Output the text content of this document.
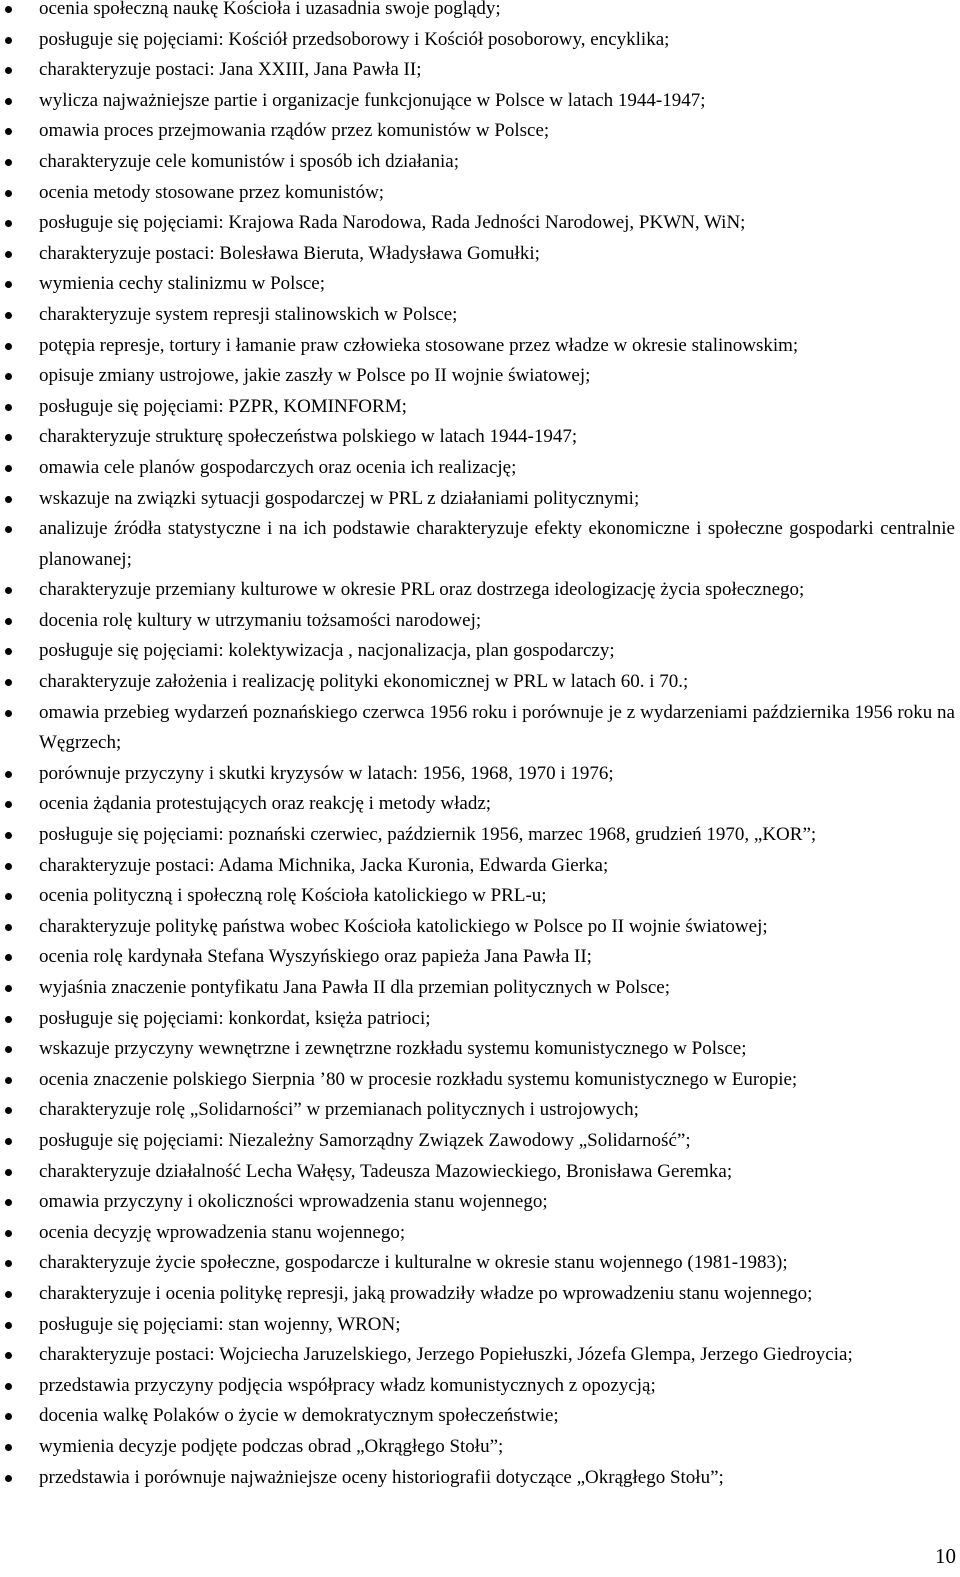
ocenia społeczną naukę Kościoła i uzasadnia swoje poglądy;
posługuje się pojęciami: Kościół przedsoborowy i Kościół posoborowy, encyklika;
charakteryzuje postaci: Jana XXIII, Jana Pawła II;
wylicza najważniejsze partie i organizacje funkcjonujące w Polsce w latach 1944-1947;
omawia proces przejmowania rządów przez komunistów w Polsce;
charakteryzuje cele komunistów i sposób ich działania;
ocenia metody stosowane przez komunistów;
posługuje się pojęciami: Krajowa Rada Narodowa, Rada Jedności Narodowej, PKWN, WiN;
charakteryzuje postaci: Bolesława Bieruta, Władysława Gomułki;
wymienia cechy stalinizmu w Polsce;
charakteryzuje system represji stalinowskich w Polsce;
potępia represje, tortury i łamanie praw człowieka stosowane przez władze w okresie stalinowskim;
opisuje zmiany ustrojowe, jakie zaszły w Polsce po II wojnie światowej;
posługuje się pojęciami: PZPR, KOMINFORM;
charakteryzuje strukturę społeczeństwa polskiego w latach 1944-1947;
omawia cele planów gospodarczych oraz ocenia ich realizację;
wskazuje na związki sytuacji gospodarczej w PRL z działaniami politycznymi;
analizuje źródła statystyczne i na ich podstawie charakteryzuje efekty ekonomiczne i społeczne gospodarki centralnie planowanej;
charakteryzuje przemiany kulturowe w okresie PRL oraz dostrzega ideologizację życia społecznego;
docenia rolę kultury w utrzymaniu tożsamości narodowej;
posługuje się pojęciami: kolektywizacja , nacjonalizacja, plan gospodarczy;
charakteryzuje założenia i realizację polityki ekonomicznej w PRL w latach 60. i 70.;
omawia przebieg wydarzeń poznańskiego czerwca 1956 roku i porównuje je z wydarzeniami października 1956 roku na Węgrzech;
porównuje przyczyny i skutki kryzysów w latach: 1956, 1968, 1970 i 1976;
ocenia żądania protestujących oraz reakcję i metody władz;
posługuje się pojęciami: poznański czerwiec, październik 1956, marzec 1968, grudzień 1970, „KOR”;
charakteryzuje postaci: Adama Michnika, Jacka Kuronia, Edwarda Gierka;
ocenia polityczną i społeczną rolę Kościoła katolickiego w PRL-u;
charakteryzuje politykę państwa wobec Kościoła katolickiego w Polsce po II wojnie światowej;
ocenia rolę kardynała Stefana Wyszyńskiego oraz papieża Jana Pawła II;
wyjaśnia znaczenie pontyfikatu Jana Pawła II dla przemian politycznych w Polsce;
posługuje się pojęciami: konkordat, księża patrioci;
wskazuje przyczyny wewnętrzne i zewnętrzne rozkładu systemu komunistycznego w Polsce;
ocenia znaczenie polskiego Sierpnia ’80 w procesie rozkładu systemu komunistycznego w Europie;
charakteryzuje rolę „Solidarności” w przemianach politycznych i ustrojowych;
posługuje się pojęciami: Niezależny Samorządny Związek Zawodowy „Solidarność”;
charakteryzuje działalność Lecha Wałęsy, Tadeusza Mazowieckiego, Bronisława Geremka;
omawia przyczyny i okoliczności wprowadzenia stanu wojennego;
ocenia decyzję wprowadzenia stanu wojennego;
charakteryzuje życie społeczne, gospodarcze i kulturalne w okresie stanu wojennego (1981-1983);
charakteryzuje i ocenia politykę represji, jaką prowadziły władze po wprowadzeniu stanu wojennego;
posługuje się pojęciami: stan wojenny, WRON;
charakteryzuje postaci: Wojciecha Jaruzelskiego, Jerzego Popiełuszki, Józefa Glempa, Jerzego Giedroycia;
przedstawia przyczyny podjęcia współpracy władz komunistycznych z opozycją;
docenia walkę Polaków o życie w demokratycznym społeczeństwie;
wymienia decyzje podjęte podczas obrad „Okrągłego Stołu”;
przedstawia i porównuje najważniejsze oceny historiografii dotyczące „Okrągłego Stołu”;
10
